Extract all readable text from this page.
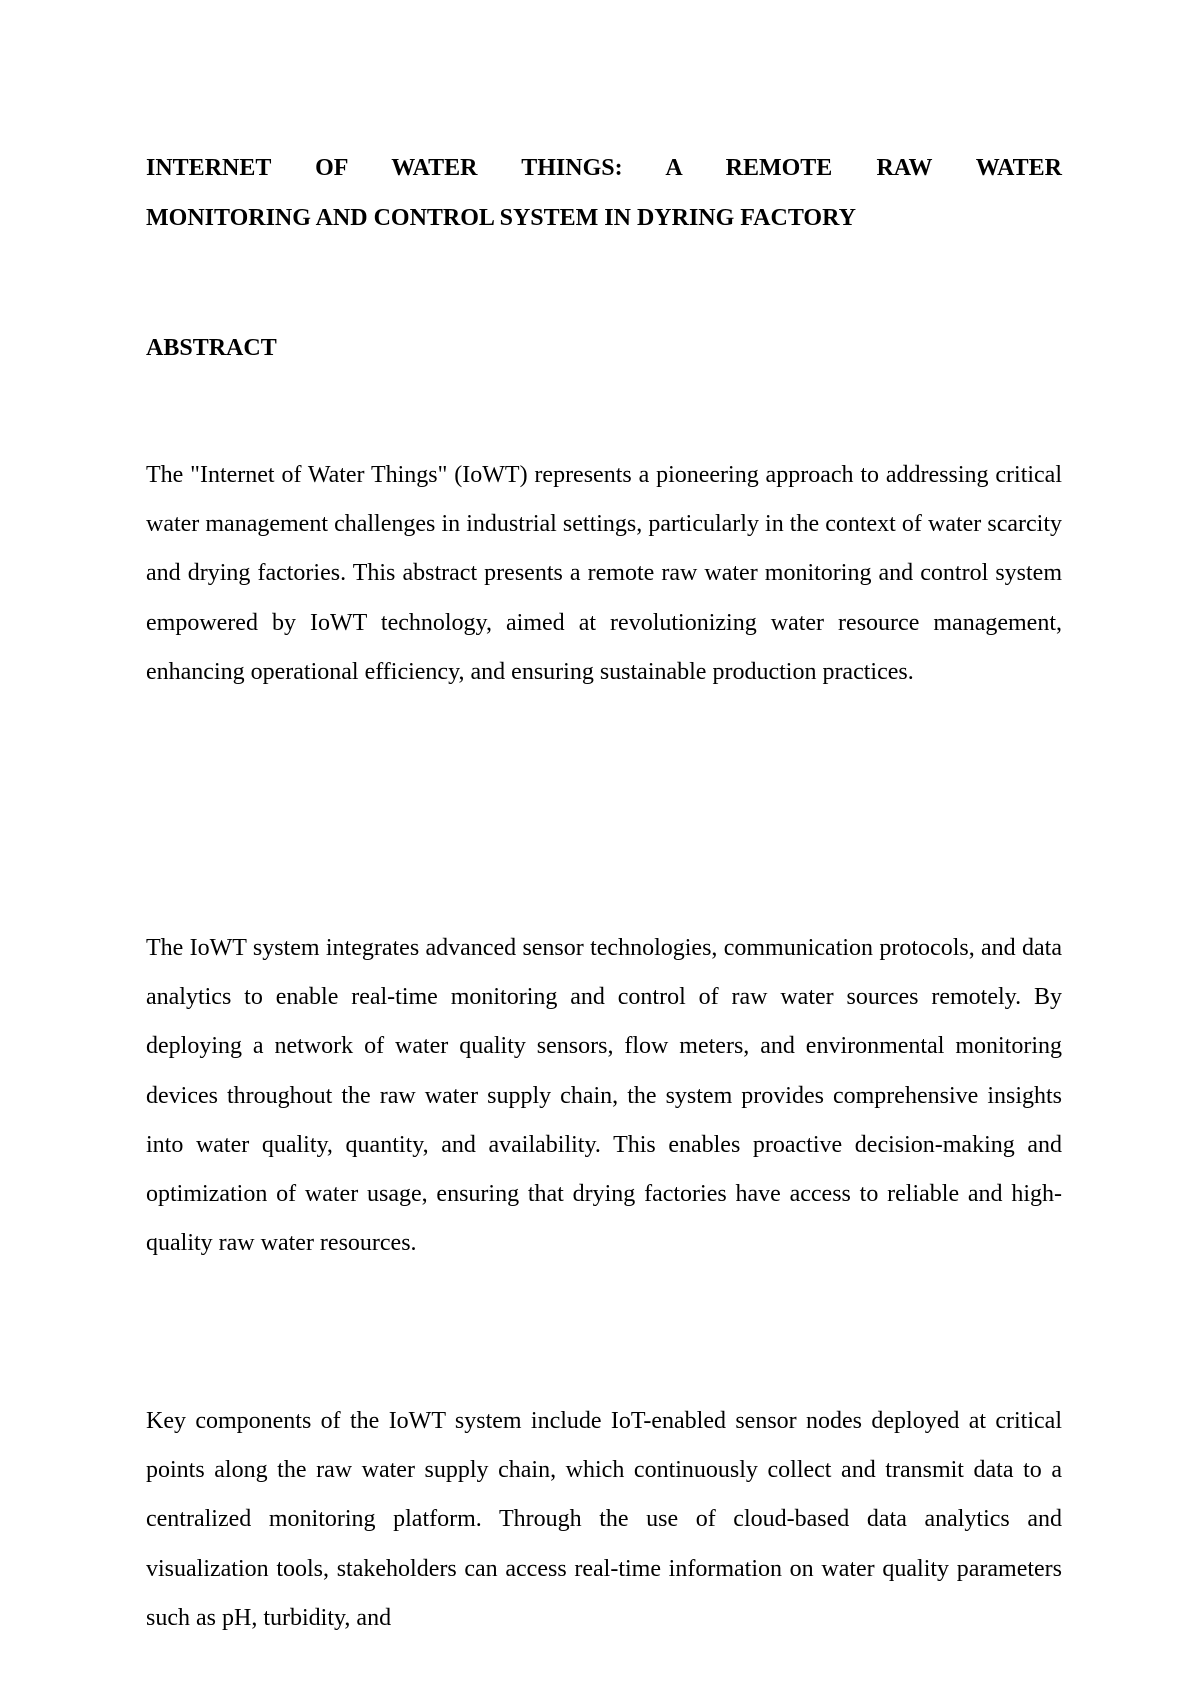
INTERNET OF WATER THINGS: A REMOTE RAW WATER
MONITORING AND CONTROL SYSTEM IN DYRING FACTORY
ABSTRACT

The "Internet of Water Things" (IoWT) represents a pioneering approach to addressing critical water management challenges in industrial settings, particularly in the context of water scarcity and drying factories. This abstract presents a remote raw water monitoring and control system empowered by IoWT technology, aimed at revolutionizing water resource management, enhancing operational efficiency, and ensuring sustainable production practices.

The IoWT system integrates advanced sensor technologies, communication protocols, and data analytics to enable real-time monitoring and control of raw water sources remotely. By deploying a network of water quality sensors, flow meters, and environmental monitoring devices throughout the raw water supply chain, the system provides comprehensive insights into water quality, quantity, and availability. This enables proactive decision-making and optimization of water usage, ensuring that drying factories have access to reliable and high-quality raw water resources.

Key components of the IoWT system include IoT-enabled sensor nodes deployed at critical points along the raw water supply chain, which continuously collect and transmit data to a centralized monitoring platform. Through the use of cloud-based data analytics and visualization tools, stakeholders can access real-time information on water quality parameters such as pH, turbidity, and
